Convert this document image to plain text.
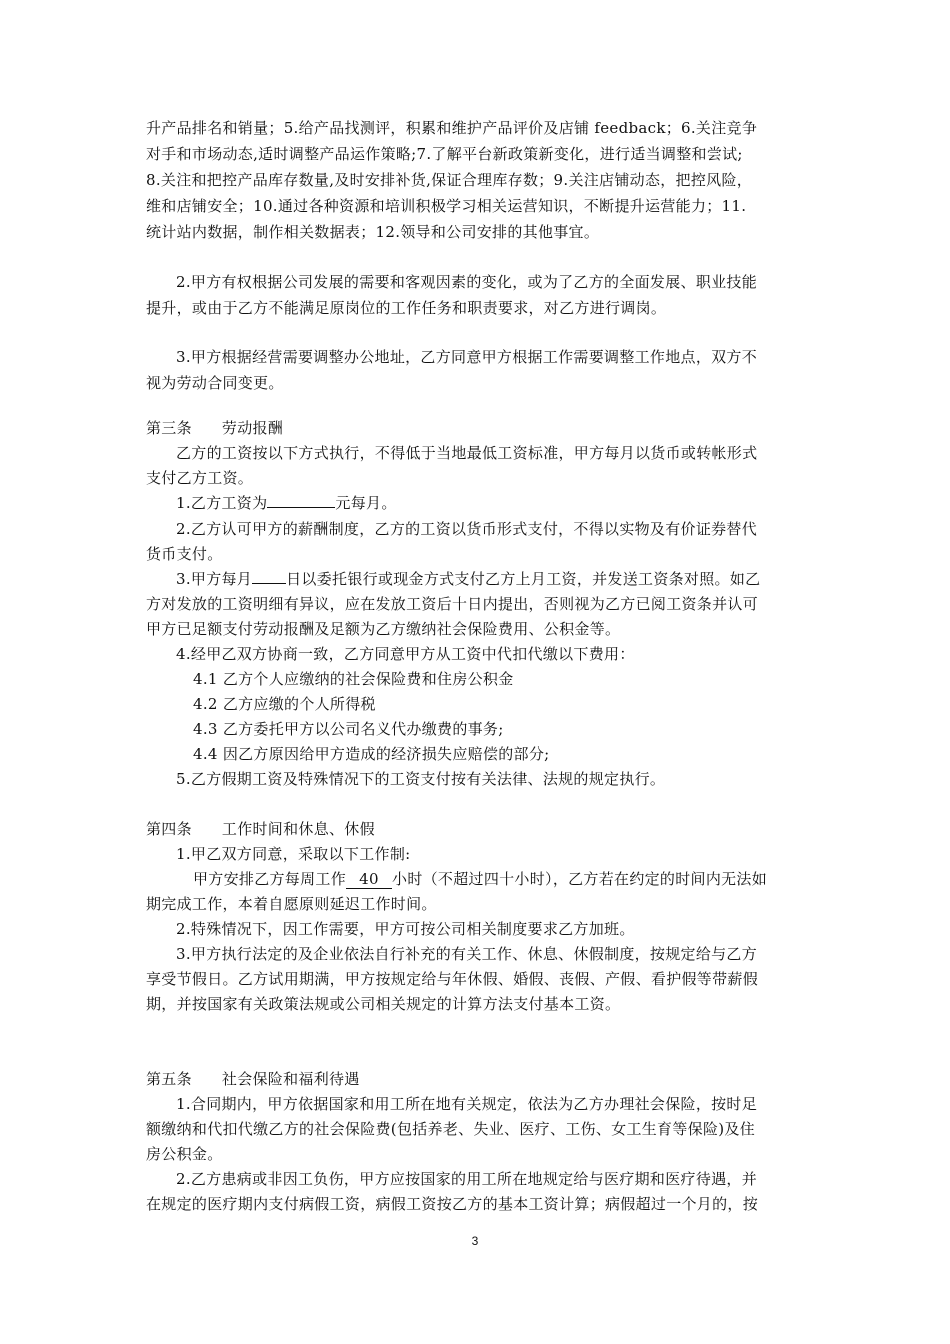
升产品排名和销量；5.给产品找测评，积累和维护产品评价及店铺 feedback；6.关注竞争
对手和市场动态,适时调整产品运作策略;7.了解平台新政策新变化，进行适当调整和尝试;
8.关注和把控产品库存数量,及时安排补货,保证合理库存数；9.关注店铺动态，把控风险，
维和店铺安全；10.通过各种资源和培训积极学习相关运营知识，不断提升运营能力；11.
统计站内数据，制作相关数据表；12.领导和公司安排的其他事宜。
2.甲方有权根据公司发展的需要和客观因素的变化，或为了乙方的全面发展、职业技能
提升，或由于乙方不能满足原岗位的工作任务和职责要求，对乙方进行调岗。
3.甲方根据经营需要调整办公地址，乙方同意甲方根据工作需要调整工作地点，双方不
视为劳动合同变更。
第三条 劳动报酬
乙方的工资按以下方式执行，不得低于当地最低工资标准，甲方每月以货币或转帐形式
支付乙方工资。
1.乙方工资为	元每月。
2.乙方认可甲方的薪酬制度，乙方的工资以货币形式支付，不得以实物及有价证券替代
货币支付。
3.甲方每月 日以委托银行或现金方式支付乙方上月工资，并发送工资条对照。如乙
方对发放的工资明细有异议，应在发放工资后十日内提出，否则视为乙方已阅工资条并认可
甲方已足额支付劳动报酬及足额为乙方缴纳社会保险费用、公积金等。
4.经甲乙双方协商一致，乙方同意甲方从工资中代扣代缴以下费用：
4.1 乙方个人应缴纳的社会保险费和住房公积金
4.2 乙方应缴的个人所得税
4.3 乙方委托甲方以公司名义代办缴费的事务;
4.4 因乙方原因给甲方造成的经济损失应赔偿的部分;
5.乙方假期工资及特殊情况下的工资支付按有关法律、法规的规定执行。
第四条 工作时间和休息、休假
1.甲乙双方同意，采取以下工作制:
甲方安排乙方每周工作 40 小时（不超过四十小时），乙方若在约定的时间内无法如
期完成工作，本着自愿原则延迟工作时间。
2.特殊情况下，因工作需要，甲方可按公司相关制度要求乙方加班。
3.甲方执行法定的及企业依法自行补充的有关工作、休息、休假制度，按规定给与乙方
享受节假日。乙方试用期满，甲方按规定给与年休假、婚假、丧假、产假、看护假等带薪假
期，并按国家有关政策法规或公司相关规定的计算方法支付基本工资。
第五条 社会保险和福利待遇
1.合同期内，甲方依据国家和用工所在地有关规定，依法为乙方办理社会保险，按时足
额缴纳和代扣代缴乙方的社会保险费(包括养老、失业、医疗、工伤、女工生育等保险)及住
房公积金。
2.乙方患病或非因工负伤，甲方应按国家的用工所在地规定给与医疗期和医疗待遇，并
在规定的医疗期内支付病假工资，病假工资按乙方的基本工资计算；病假超过一个月的，按
3
